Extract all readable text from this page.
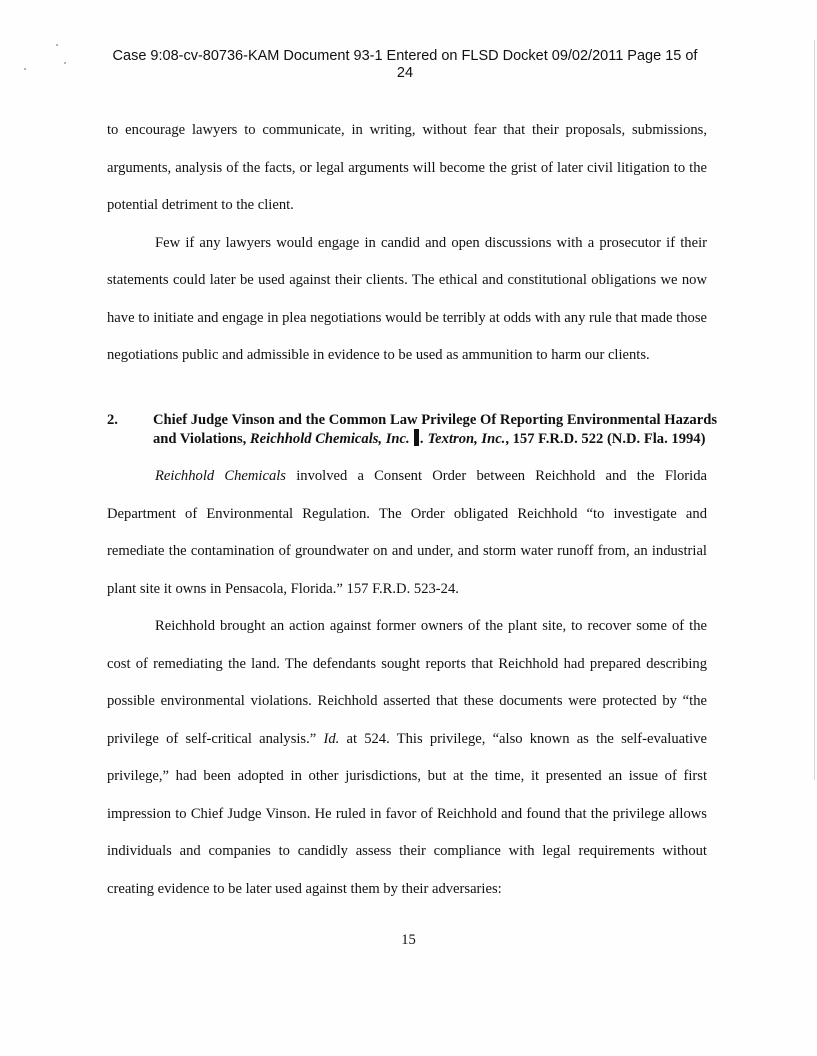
Case 9:08-cv-80736-KAM Document 93-1 Entered on FLSD Docket 09/02/2011 Page 15 of
24

to encourage lawyers to communicate, in writing, without fear that their proposals, submissions, arguments, analysis of the facts, or legal arguments will become the grist of later civil litigation to the potential detriment to the client.

Few if any lawyers would engage in candid and open discussions with a prosecutor if their statements could later be used against their clients. The ethical and constitutional obligations we now have to initiate and engage in plea negotiations would be terribly at odds with any rule that made those negotiations public and admissible in evidence to be used as ammunition to harm our clients.

2. Chief Judge Vinson and the Common Law Privilege Of Reporting Environmental Hazards and Violations, Reichhold Chemicals, Inc. . Textron, Inc., 157 F.R.D. 522 (N.D. Fla. 1994)

Reichhold Chemicals involved a Consent Order between Reichhold and the Florida Department of Environmental Regulation. The Order obligated Reichhold “to investigate and remediate the contamination of groundwater on and under, and storm water runoff from, an industrial plant site it owns in Pensacola, Florida.” 157 F.R.D. 523-24.

Reichhold brought an action against former owners of the plant site, to recover some of the cost of remediating the land. The defendants sought reports that Reichhold had prepared describing possible environmental violations. Reichhold asserted that these documents were protected by “the privilege of self-critical analysis.” Id. at 524. This privilege, “also known as the self-evaluative privilege,” had been adopted in other jurisdictions, but at the time, it presented an issue of first impression to Chief Judge Vinson. He ruled in favor of Reichhold and found that the privilege allows individuals and companies to candidly assess their compliance with legal requirements without creating evidence to be later used against them by their adversaries:

15
